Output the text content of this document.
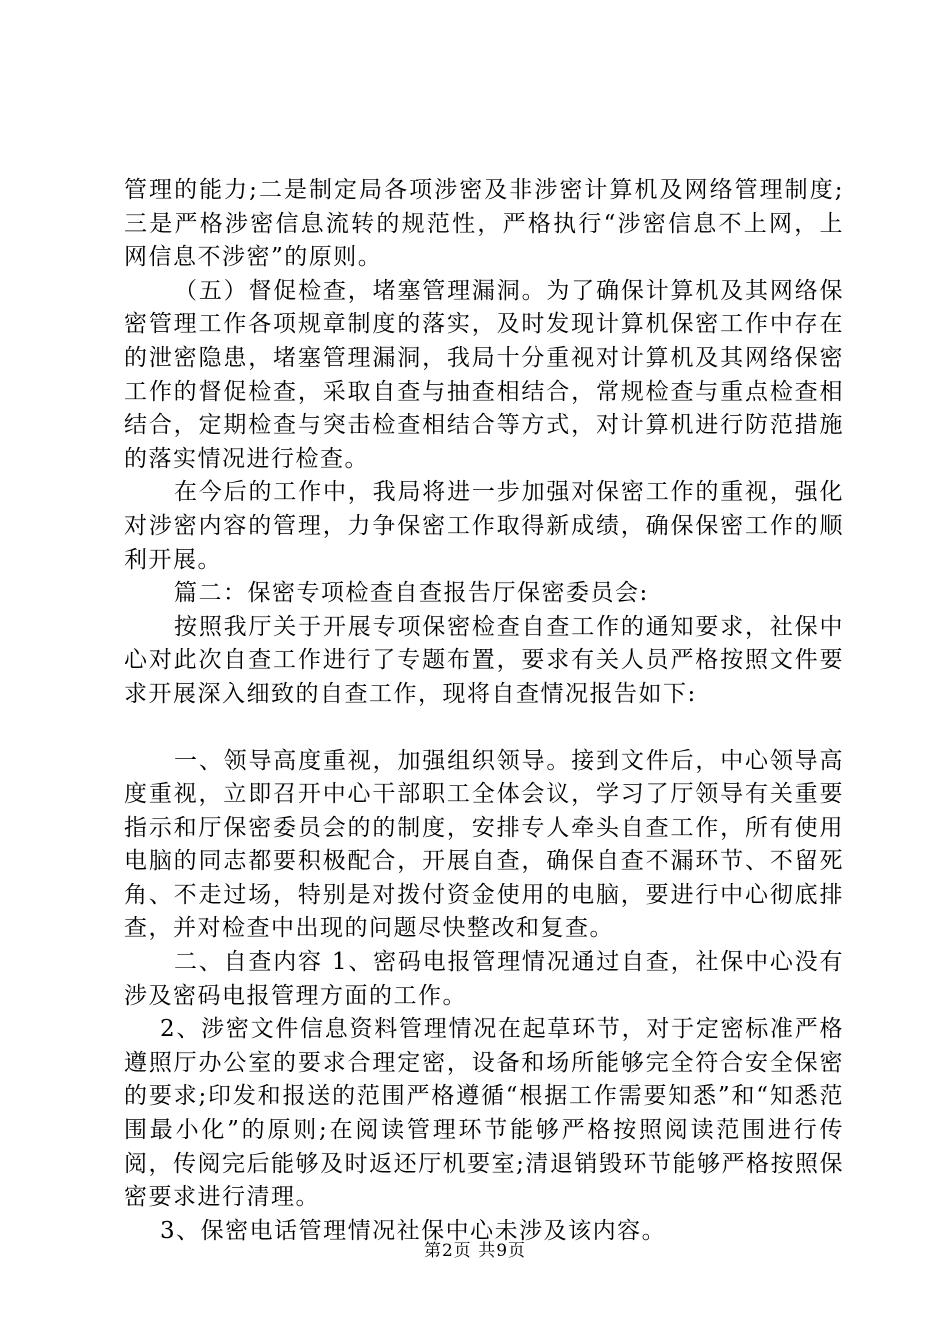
管理的能力;二是制定局各项涉密及非涉密计算机及网络管理制度;三是严格涉密信息流转的规范性，严格执行“涉密信息不上网，上网信息不涉密”的原则。

（五）督促检查，堵塞管理漏洞。为了确保计算机及其网络保密管理工作各项规章制度的落实，及时发现计算机保密工作中存在的泄密隐患，堵塞管理漏洞，我局十分重视对计算机及其网络保密工作的督促检查，采取自查与抽查相结合，常规检查与重点检查相结合，定期检查与突击检查相结合等方式，对计算机进行防范措施的落实情况进行检查。

在今后的工作中，我局将进一步加强对保密工作的重视，强化对涉密内容的管理，力争保密工作取得新成绩，确保保密工作的顺利开展。

篇二：保密专项检查自查报告厅保密委员会:

按照我厅关于开展专项保密检查自查工作的通知要求，社保中心对此次自查工作进行了专题布置，要求有关人员严格按照文件要求开展深入细致的自查工作，现将自查情况报告如下:

一、领导高度重视，加强组织领导。接到文件后，中心领导高度重视，立即召开中心干部职工全体会议，学习了厅领导有关重要指示和厅保密委员会的的制度，安排专人牵头自查工作，所有使用电脑的同志都要积极配合，开展自查，确保自查不漏环节、不留死角、不走过场，特别是对拨付资金使用的电脑，要进行中心彻底排查，并对检查中出现的问题尽快整改和复查。

二、自查内容 1、密码电报管理情况通过自查，社保中心没有涉及密码电报管理方面的工作。

2、涉密文件信息资料管理情况在起草环节，对于定密标准严格遵照厅办公室的要求合理定密，设备和场所能够完全符合安全保密的要求;印发和报送的范围严格遵循“根据工作需要知悉”和“知悉范围最小化”的原则;在阅读管理环节能够严格按照阅读范围进行传阅，传阅完后能够及时返还厅机要室;清退销毁环节能够严格按照保密要求进行清理。

3、保密电话管理情况社保中心未涉及该内容。

第2页 共9页
